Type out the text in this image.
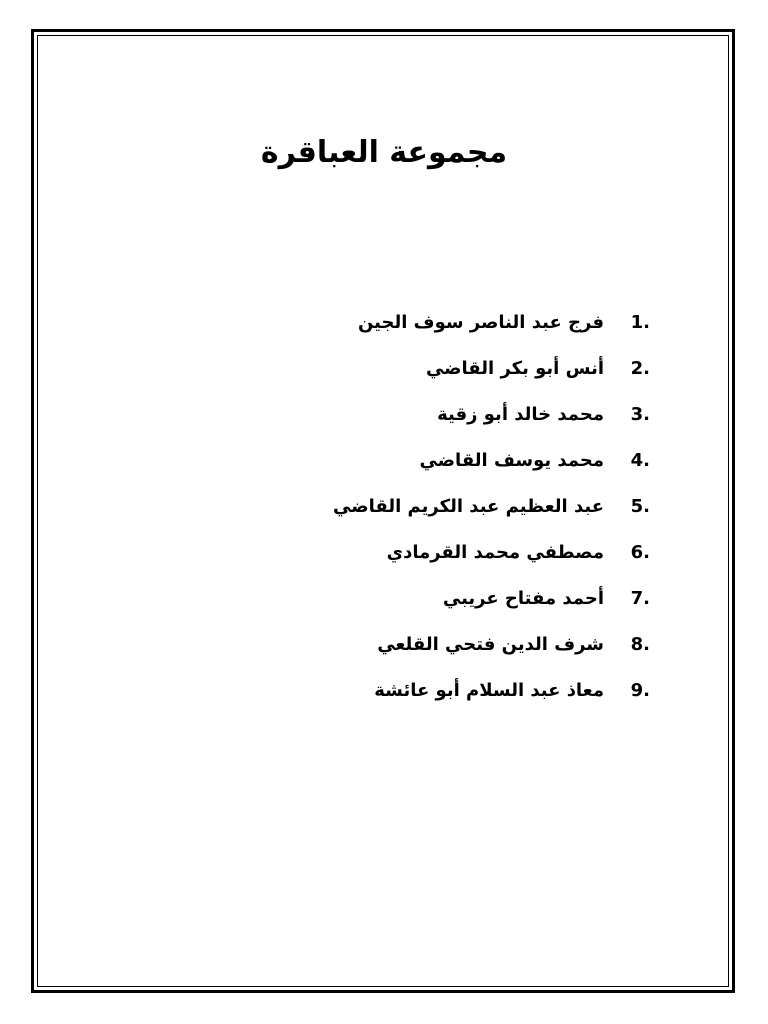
مجموعة العباقرة
1.
فرج عبد الناصر سوف الجين
2.
أنس أبو بكر القاضي
3.
محمد خالد أبو زقية
4.
محمد يوسف القاضي
5.
عبد العظيم عبد الكريم القاضي
6.
مصطفي محمد القرمادي
7.
أحمد مفتاح عريبي
8.
شرف الدين فتحي القلعي
9.
معاذ عبد السلام أبو عائشة
